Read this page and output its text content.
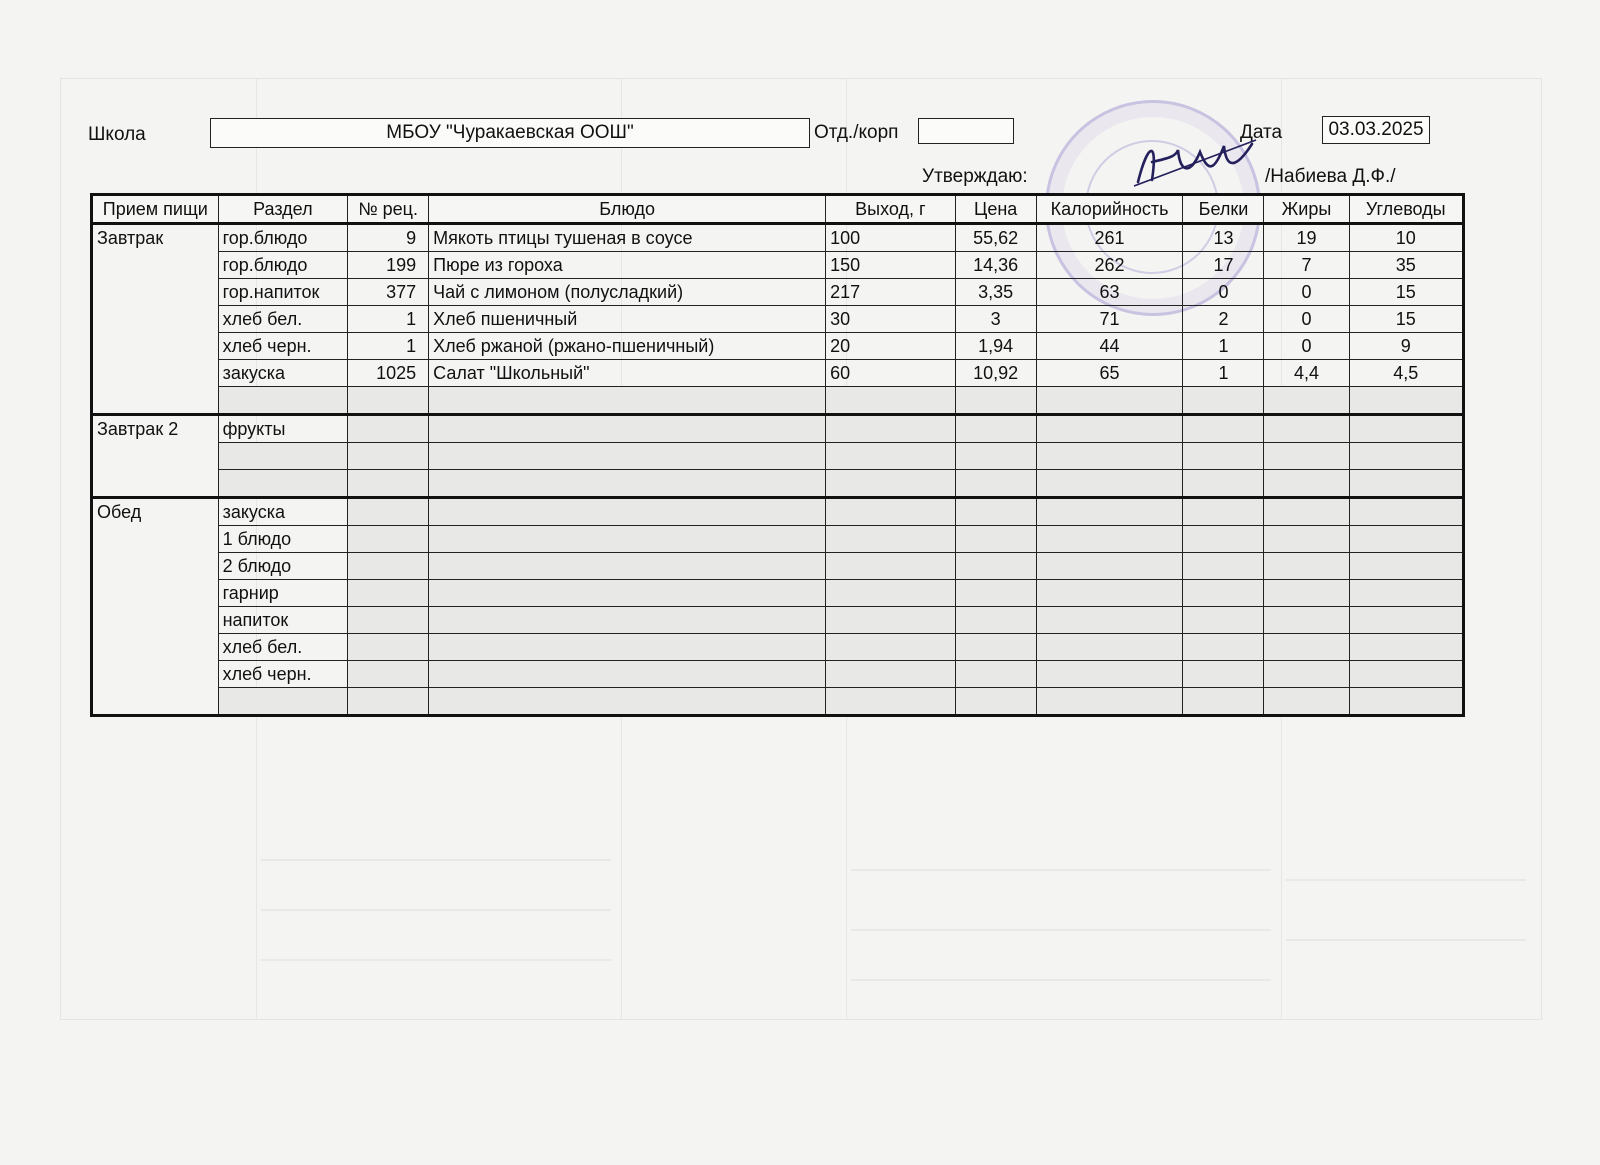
Школа	МБОУ "Чуракаевская ООШ"	Отд./корп	Дата	03.03.2025
Утверждаю:	/Набиева Д.Ф./
Прием пищи	Раздел	№ рец.	Блюдо	Выход, г	Цена	Калорийность	Белки	Жиры	Углеводы
Завтрак	гор.блюдо	9	Мякоть птицы тушеная в соусе	100	55,62	261	13	19	10
	гор.блюдо	199	Пюре из гороха	150	14,36	262	17	7	35
	гор.напиток	377	Чай с лимоном (полусладкий)	217	3,35	63	0	0	15
	хлеб бел.	1	Хлеб пшеничный	30	3	71	2	0	15
	хлеб черн.	1	Хлеб ржаной (ржано-пшеничный)	20	1,94	44	1	0	9
	закуска	1025	Салат "Школьный"	60	10,92	65	1	4,4	4,5

Завтрак 2	фрукты								

Обед	закуска								
	1 блюдо								
	2 блюдо								
	гарнир								
	напиток								
	хлеб бел.								
	хлеб черн.								
